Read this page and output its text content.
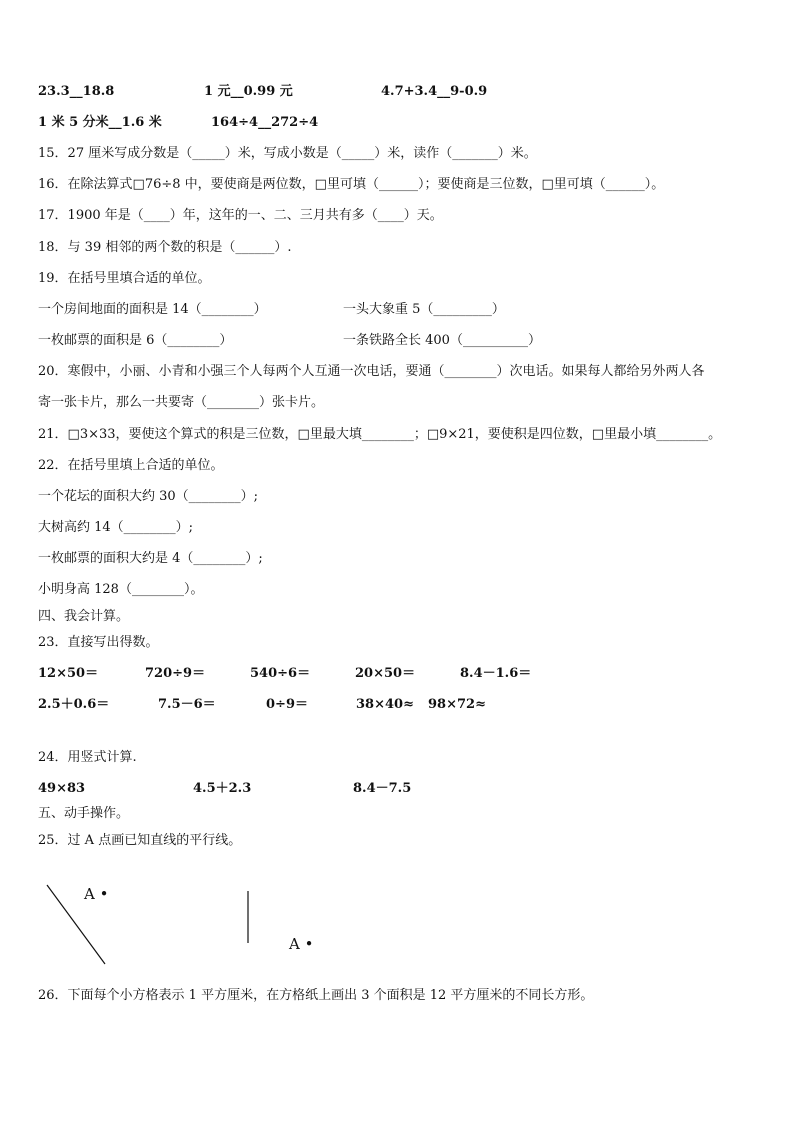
23.3__18.8	1 元__0.99 元	4.7+3.4__9-0.9
1 米 5 分米__1.6 米	164÷4__272÷4
15．27 厘米写成分数是（_____）米，写成小数是（_____）米，读作（_______）米。
16．在除法算式□76÷8 中，要使商是两位数，□里可填（______）；要使商是三位数，□里可填（______）。
17．1900 年是（____）年，这年的一、二、三月共有多（____）天。
18．与 39 相邻的两个数的积是（______）.
19．在括号里填合适的单位。
一个房间地面的面积是 14（________）	一头大象重 5（_________）
一枚邮票的面积是 6（________）	一条铁路全长 400（__________）
20．寒假中，小丽、小青和小强三个人每两个人互通一次电话，要通（________）次电话。如果每人都给另外两人各
寄一张卡片，那么一共要寄（________）张卡片。
21．□3×33，要使这个算式的积是三位数，□里最大填________；□9×21，要使积是四位数，□里最小填________。
22．在括号里填上合适的单位。
一个花坛的面积大约 30（________）;
大树高约 14（________）;
一枚邮票的面积大约是 4（________）;
小明身高 128（________）。
四、我会计算。
23．直接写出得数。
12×50＝	720÷9＝	540÷6＝	20×50＝	8.4－1.6＝
2.5＋0.6＝	7.5－6＝	0÷9＝	38×40≈ 98×72≈
24．用竖式计算.
49×83	4.5＋2.3	8.4－7.5
五、动手操作。
25．过 A 点画已知直线的平行线。
A •
A •
26．下面每个小方格表示 1 平方厘米，在方格纸上画出 3 个面积是 12 平方厘米的不同长方形。
